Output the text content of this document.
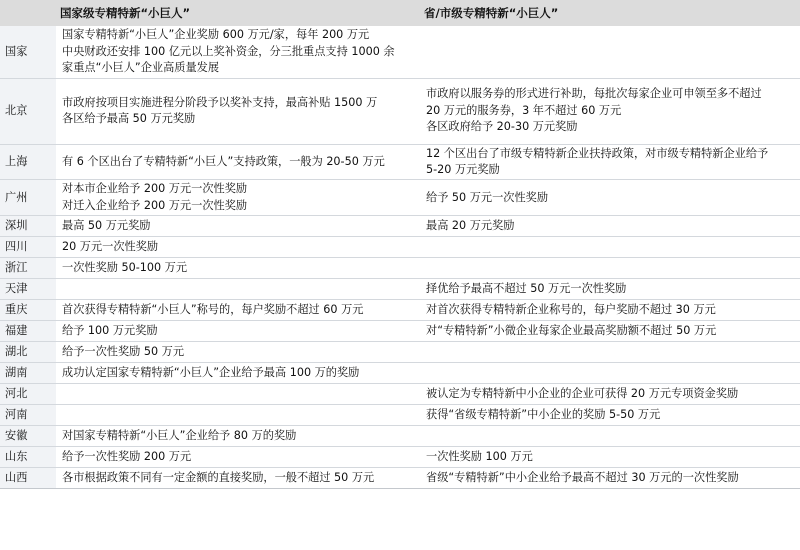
	国家级专精特新“小巨人”	省/市级专精特新“小巨人”
国家	国家专精特新“小巨人”企业奖励 600 万元/家，每年 200 万元
中央财政还安排 100 亿元以上奖补资金，分三批重点支持 1000 余
家重点“小巨人”企业高质量发展	

北京	市政府按项目实施进程分阶段予以奖补支持，最高补贴 1500 万
各区给予最高 50 万元奖励	市政府以服务券的形式进行补助，每批次每家企业可申领至多不超过
20 万元的服务券，3 年不超过 60 万元
各区政府给予 20-30 万元奖励

上海	有 6 个区出台了专精特新“小巨人”支持政策，一般为 20-50 万元	12 个区出台了市级专精特新企业扶持政策，对市级专精特新企业给予
5-20 万元奖励

广州	对本市企业给予 200 万元一次性奖励
对迁入企业给予 200 万元一次性奖励	给予 50 万元一次性奖励

深圳	最高 50 万元奖励	最高 20 万元奖励

四川	20 万元一次性奖励	

浙江	一次性奖励 50-100 万元	

天津		择优给予最高不超过 50 万元一次性奖励

重庆	首次获得专精特新“小巨人”称号的，每户奖励不超过 60 万元	对首次获得专精特新企业称号的，每户奖励不超过 30 万元

福建	给予 100 万元奖励	对“专精特新”小微企业每家企业最高奖励额不超过 50 万元

湖北	给予一次性奖励 50 万元	

湖南	成功认定国家专精特新“小巨人”企业给予最高 100 万的奖励	

河北		被认定为专精特新中小企业的企业可获得 20 万元专项资金奖励

河南		获得“省级专精特新”中小企业的奖励 5-50 万元

安徽	对国家专精特新“小巨人”企业给予 80 万的奖励	

山东	给予一次性奖励 200 万元	一次性奖励 100 万元

山西	各市根据政策不同有一定金额的直接奖励，一般不超过 50 万元	省级“专精特新”中小企业给予最高不超过 30 万元的一次性奖励
